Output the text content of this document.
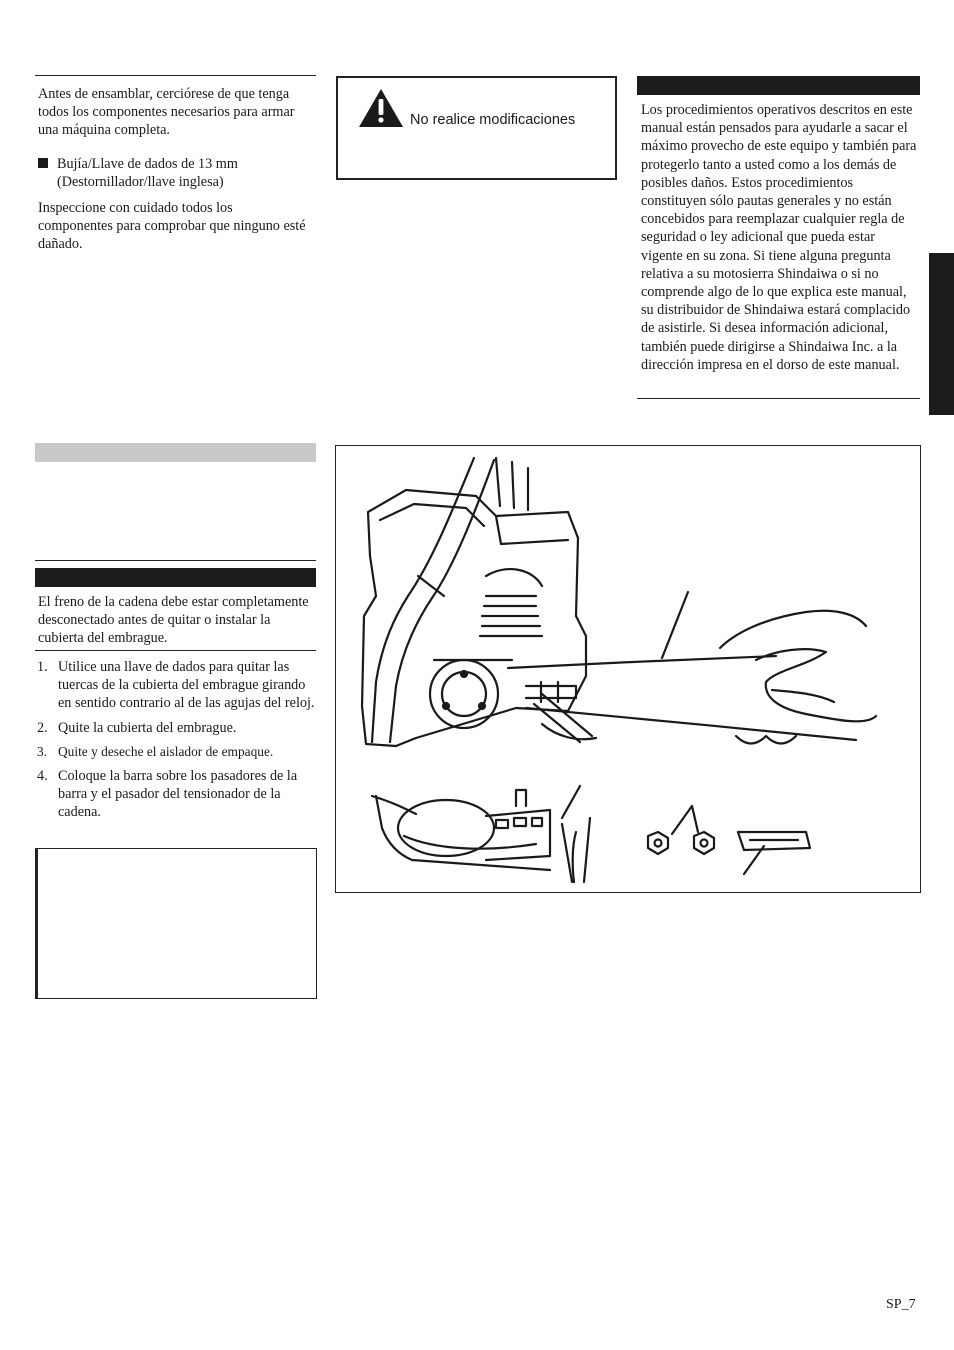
Antes de ensamblar, cerciórese de que tenga todos los componentes necesarios para armar una máquina completa.
Bujía/Llave de dados de 13 mm
(Destornillador/llave inglesa)
Inspeccione con cuidado todos los componentes para comprobar que ninguno esté dañado.
No realice modificaciones
Los procedimientos operativos descritos en este manual están pensados para ayudarle a sacar el máximo provecho de este equipo y también para protegerlo tanto a usted como a los demás de posibles daños. Estos procedimientos constituyen sólo pautas generales y no están concebidos para reemplazar cualquier regla de seguridad o ley adicional que pueda estar vigente en su zona. Si tiene alguna pregunta relativa a su motosierra Shindaiwa o si no comprende algo de lo que explica este manual, su distribuidor de Shindaiwa estará complacido de asistirle. Si desea información adicional, también puede dirigirse a Shindaiwa Inc. a la dirección impresa en el dorso de este manual.
El freno de la cadena debe estar completamente desconectado antes de quitar o instalar la cubierta del embrague.
1. Utilice una llave de dados para quitar las tuercas de la cubierta del embrague girando en sentido contrario al de las agujas del reloj.
2. Quite la cubierta del embrague.
3. Quite y deseche el aislador de empaque.
4. Coloque la barra sobre los pasadores de la barra y el pasador del tensionador de la cadena.
SP_7
